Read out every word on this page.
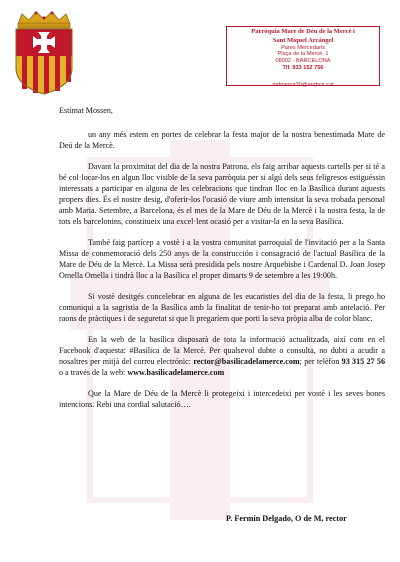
Parròquia Mare de Déu de la Mercè i
Sant Miquel Arcàngel
Pares Mercedaris
Plaça de la Mercè, 1
08002 - BARCELONA
Tlf. 933 152 756
mdmerce30@arqbcn.cat

Estimat Mossen,

un any més estem en portes de celebrar la festa major de la nostra benestimada Mare de Deú de la Mercè.

Davant la proximitat del dia de la nostra Patrona, els faig arribar aquests cartells per si té a bé col·locar-los en algun lloc visible de la seva parròquia per si algú dels seus feligresos estiguéssin interessats a participar en alguna de les celebracions que tindran lloc en la Basílica durant aquests propers dies. És el nostre desig, d'oferir-los l'ocasió de viure amb intensitat la seva trobada personal amb Maria. Setembre, a Barcelona, és el mes de la Mare de Déu de la Mercè i la nostra festa, la de tots els barcelonins, constitueix una excel·lent ocasió per a visitar-la en la seva Basílica.

També faig partícep a vostè i a la vostra comunitat parroquial de l'invitació per a la Santa Missa de conmemoració dels 250 anys de la construcción i consagració de l'actual Basílica de la Mare de Déu de la Mercè. La Missa serà presidida pels nostre Arquebisbe i Cardenal D. Joan Josep Omella Omella i tindrà lloc a la Basílica el proper dimarts 9 de setembre a les 19:00h.

Si vostè desitgés concelebrar en alguna de les eucaristies del dia de la festa, li prego ho comuniqui a la sagristia de la Basílica amb la finalitat de tenir-ho tot preparat amb antelació. Per raons de pràctiques i de seguretat si que li pregaríem que porti la seva pròpia alba de color blanc.

En la web de la basílica disposarà de tota la informació actualitzada, així com en el Facebook d'aquesta: #Basilica de la Mercè. Per qualsevol dubte o consulta, no dubti a acudir a nosaltres per mitjà del correu electrónic: rector@basilicadelamerce.com; per telèfon 93 315 27 56 o a través de la web: www.basilicadelamerce.com

Que la Mare de Déu de la Mercè li protegeixi i intercedeixi per vostè i les seves bones intencions. Rebi una cordial salutació….

P. Fermín Delgado, O de M, rector
